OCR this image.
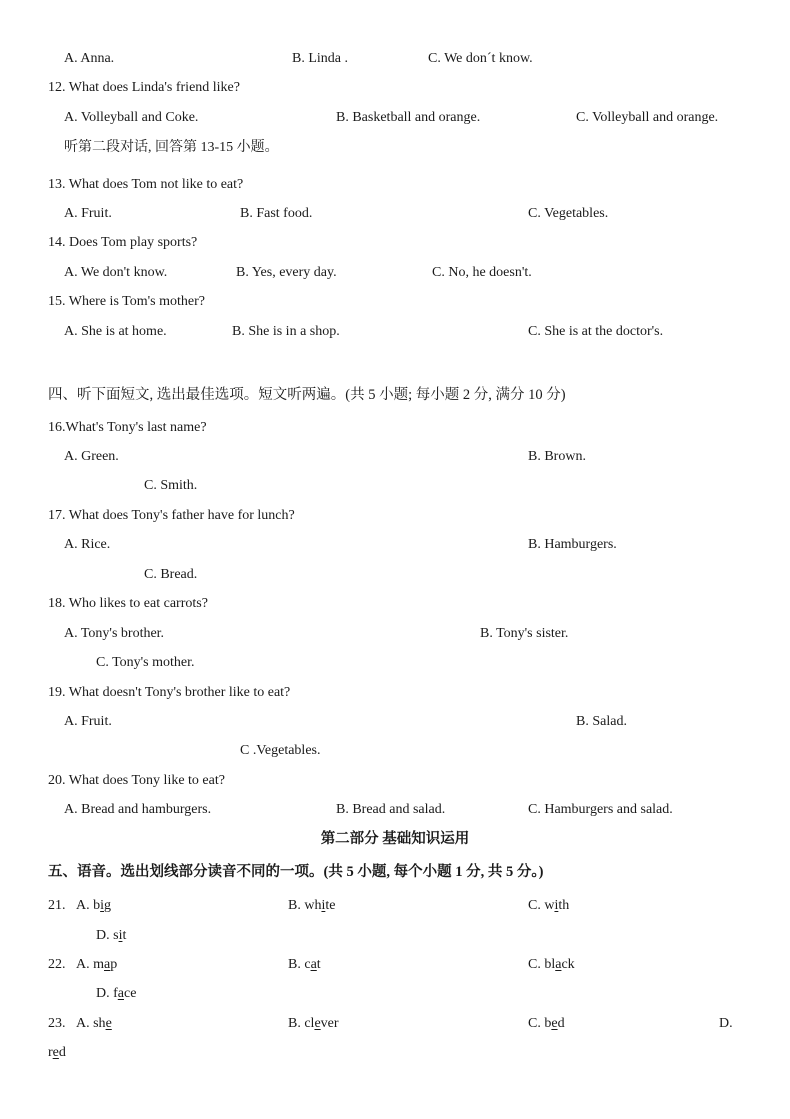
A. Anna.	B. Linda .	C. We don´t know.
12. What does Linda's friend like?
A. Volleyball and Coke.	B. Basketball and orange.	C. Volleyball and orange.
听第二段对话, 回答第 13-15 小题。
13. What does Tom not like to eat?
A. Fruit.	B. Fast food.	C. Vegetables.
14. Does Tom play sports?
A. We don't know.	B. Yes, every day.	C. No, he doesn't.
15. Where is Tom's mother?
A. She is at home.	B. She is in a shop.	C. She is at the doctor's.
四、听下面短文, 选出最佳选项。短文听两遍。(共 5 小题; 每小题 2 分, 满分 10 分)
16.What's Tony's last name?
A. Green.	B. Brown.
C. Smith.
17. What does Tony's father have for lunch?
A. Rice.	B. Hamburgers.
C. Bread.
18. Who likes to eat carrots?
A. Tony's brother.	B. Tony's sister.
C. Tony's mother.
19. What doesn't Tony's brother like to eat?
A. Fruit.	B. Salad.
C .Vegetables.
20. What does Tony like to eat?
A. Bread and hamburgers.	B. Bread and salad.	C. Hamburgers and salad.
第二部分 基础知识运用
五、语音。选出划线部分读音不同的一项。(共 5 小题, 每个小题 1 分, 共 5 分。)
21. A. big	B. white	C. with
D. sit
22. A. map	B. cat	C. black
D. face
23. A. she	B. clever	C. bed	D.
red
